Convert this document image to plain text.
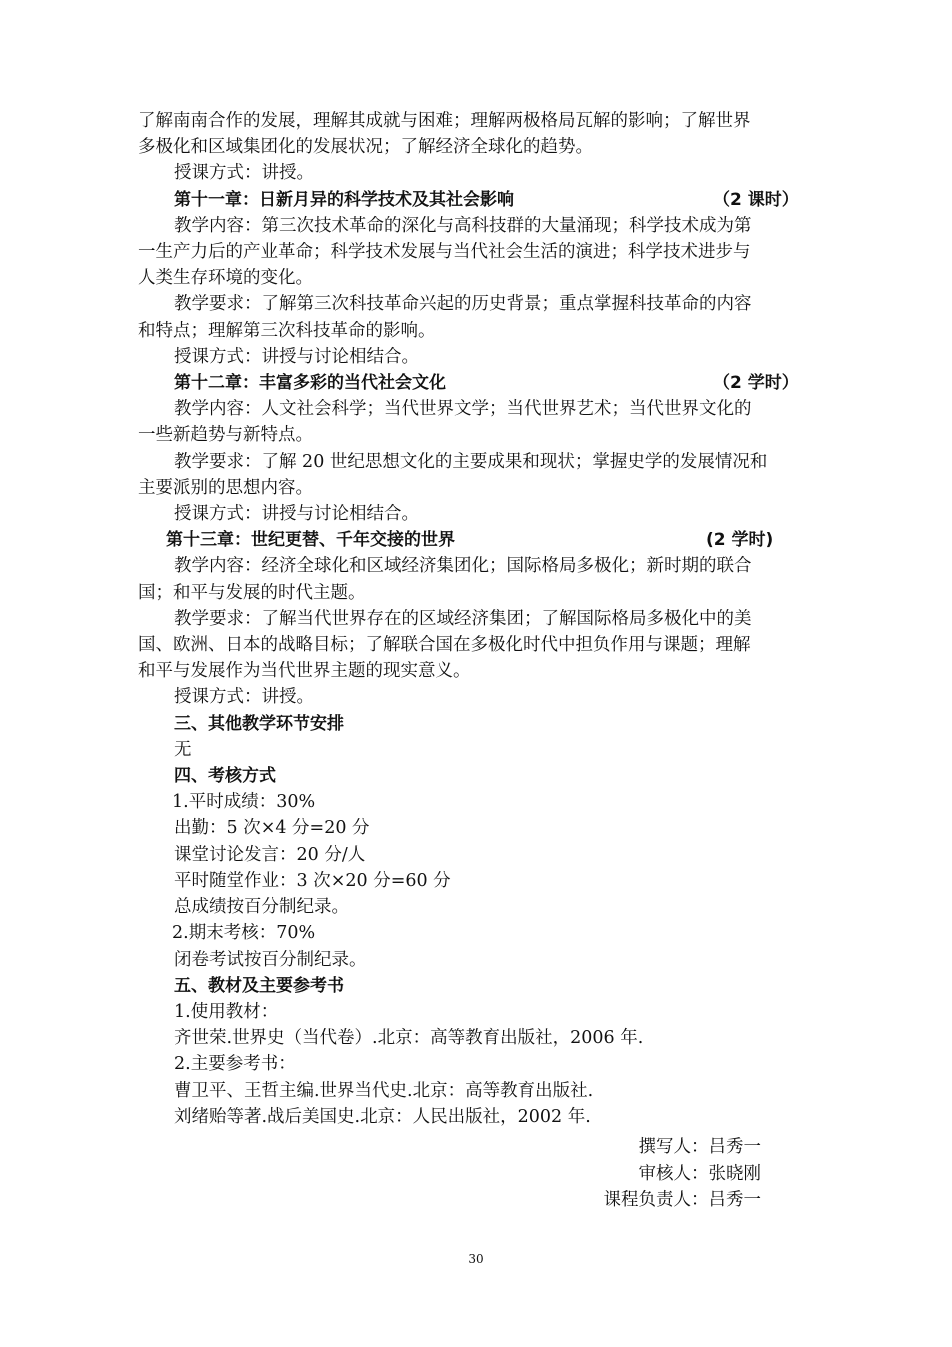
了解南南合作的发展，理解其成就与困难；理解两极格局瓦解的影响；了解世界
多极化和区域集团化的发展状况；了解经济全球化的趋势。
授课方式：讲授。
第十一章：日新月异的科学技术及其社会影响	（2 课时）
教学内容：第三次技术革命的深化与高科技群的大量涌现；科学技术成为第
一生产力后的产业革命；科学技术发展与当代社会生活的演进；科学技术进步与
人类生存环境的变化。
教学要求：了解第三次科技革命兴起的历史背景；重点掌握科技革命的内容
和特点；理解第三次科技革命的影响。
授课方式：讲授与讨论相结合。
第十二章：丰富多彩的当代社会文化	（2 学时）
教学内容：人文社会科学；当代世界文学；当代世界艺术；当代世界文化的
一些新趋势与新特点。
教学要求：了解 20 世纪思想文化的主要成果和现状；掌握史学的发展情况和
主要派别的思想内容。
授课方式：讲授与讨论相结合。
第十三章：世纪更替、千年交接的世界	(2 学时)
教学内容：经济全球化和区域经济集团化；国际格局多极化；新时期的联合
国；和平与发展的时代主题。
教学要求：了解当代世界存在的区域经济集团；了解国际格局多极化中的美
国、欧洲、日本的战略目标；了解联合国在多极化时代中担负作用与课题；理解
和平与发展作为当代世界主题的现实意义。
授课方式：讲授。
三、其他教学环节安排
无
四、考核方式
1.平时成绩：30%
出勤：5 次×4 分=20 分
课堂讨论发言：20 分/人
平时随堂作业：3 次×20 分=60 分
总成绩按百分制纪录。
2.期末考核：70%
闭卷考试按百分制纪录。
五、教材及主要参考书
1.使用教材：
齐世荣.世界史（当代卷）.北京：高等教育出版社，2006 年.
2.主要参考书：
曹卫平、王哲主编.世界当代史.北京：高等教育出版社.
刘绪贻等著.战后美国史.北京：人民出版社，2002 年.
撰写人：吕秀一
审核人：张晓刚
课程负责人：吕秀一
30
